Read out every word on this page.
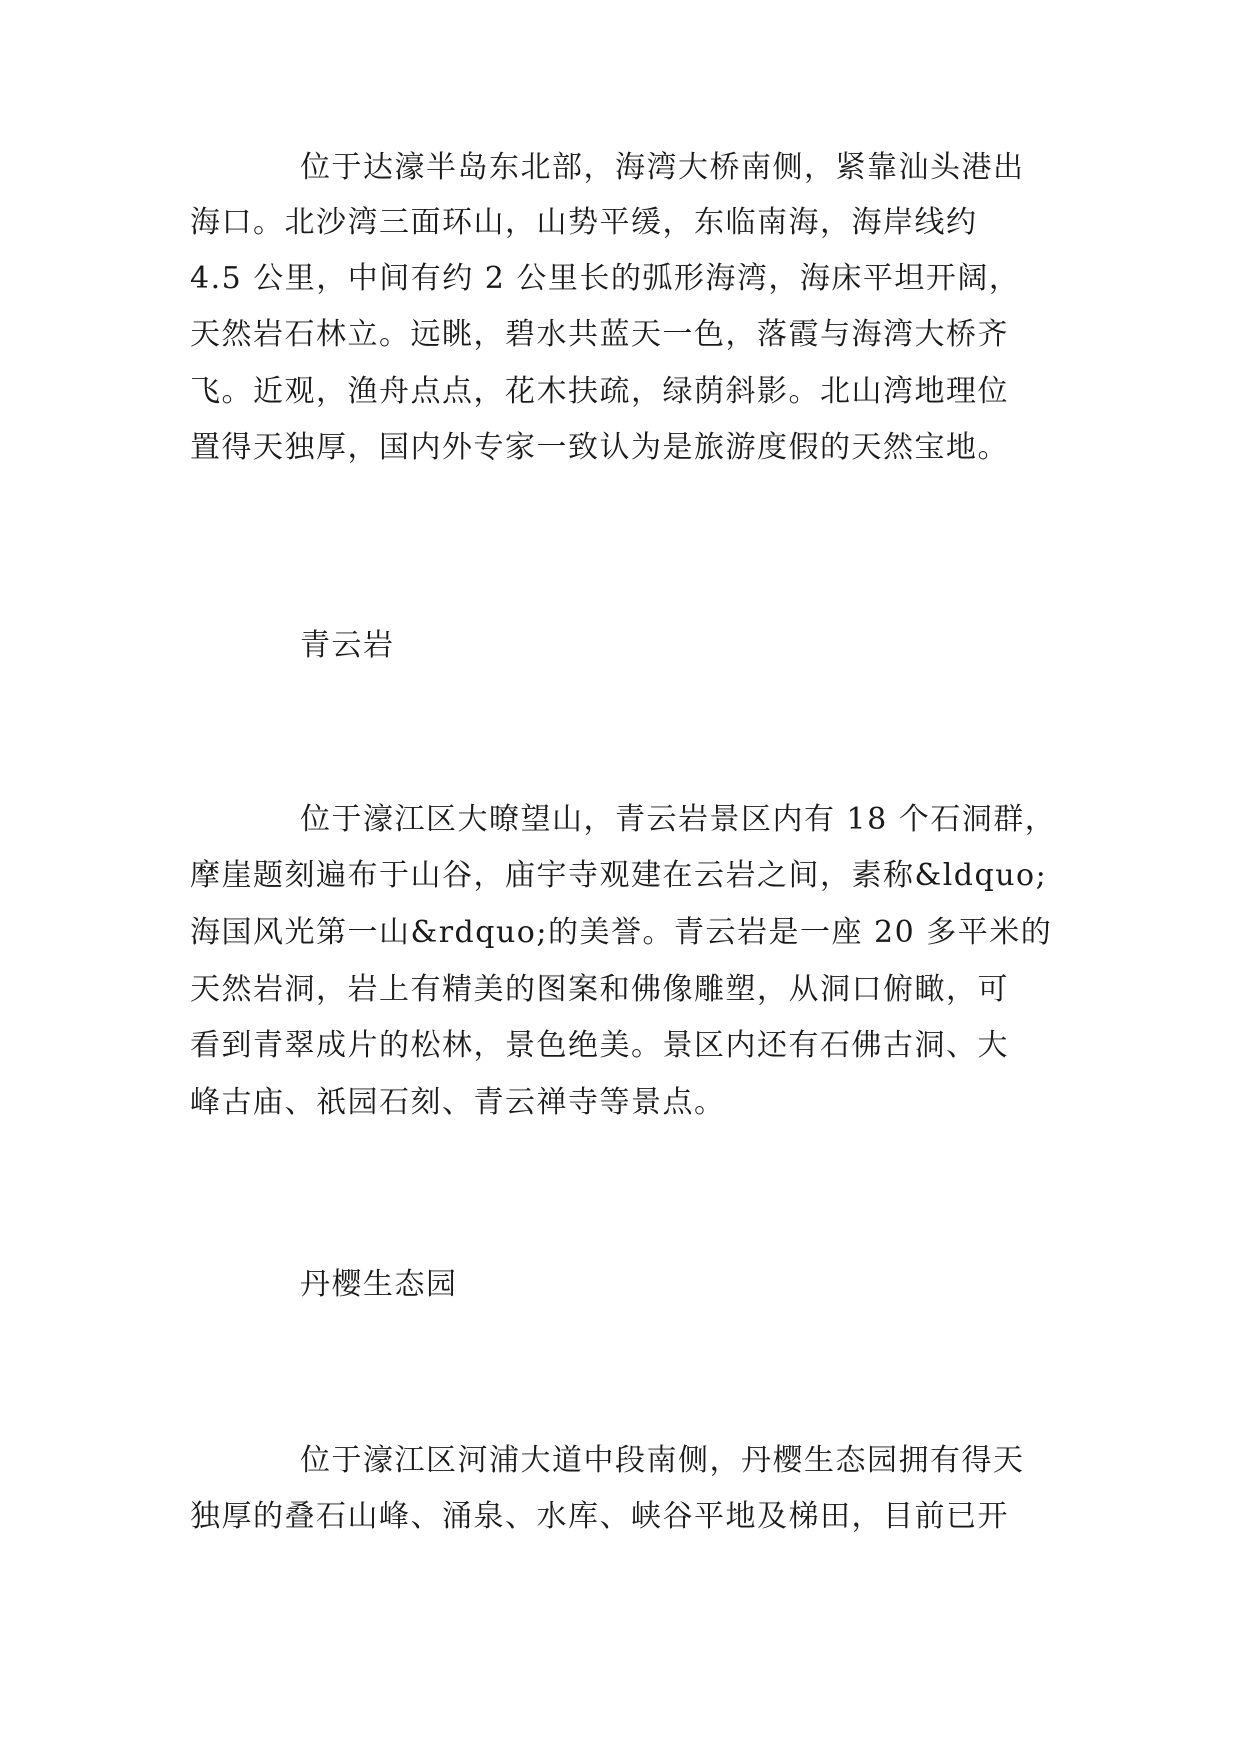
位于达濠半岛东北部，海湾大桥南侧，紧靠汕头港出

海口。北沙湾三面环山，山势平缓，东临南海，海岸线约

4.5 公里，中间有约 2 公里长的弧形海湾，海床平坦开阔，

天然岩石林立。远眺，碧水共蓝天一色，落霞与海湾大桥齐

飞。近观，渔舟点点，花木扶疏，绿荫斜影。北山湾地理位

置得天独厚，国内外专家一致认为是旅游度假的天然宝地。

青云岩

位于濠江区大暸望山，青云岩景区内有 18 个石洞群，

摩崖题刻遍布于山谷，庙宇寺观建在云岩之间，素称&ldquo;

海国风光第一山&rdquo;的美誉。青云岩是一座 20 多平米的

天然岩洞，岩上有精美的图案和佛像雕塑，从洞口俯瞰，可

看到青翠成片的松林，景色绝美。景区内还有石佛古洞、大

峰古庙、祇园石刻、青云禅寺等景点。

丹樱生态园

位于濠江区河浦大道中段南侧，丹樱生态园拥有得天

独厚的叠石山峰、涌泉、水库、峡谷平地及梯田，目前已开
